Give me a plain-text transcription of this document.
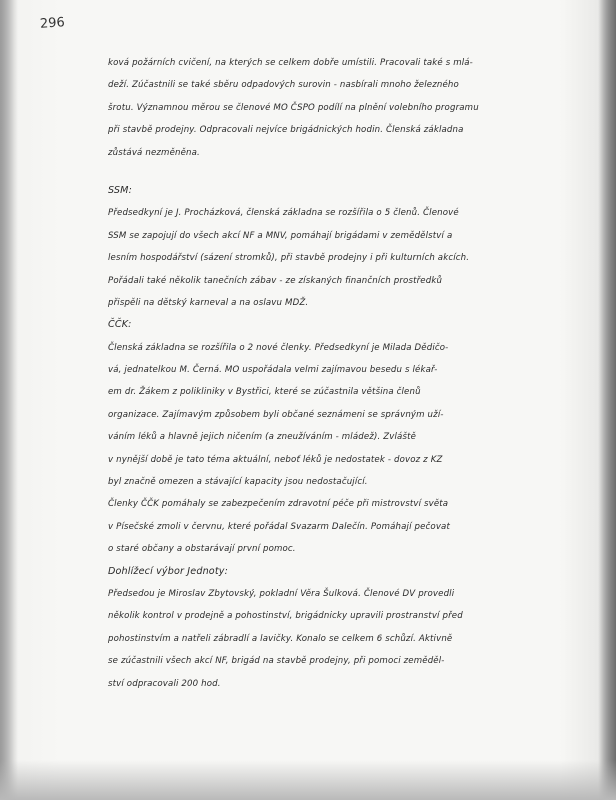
296
ková požárních cvičení, na kterých se celkem dobře umístili. Pracovali také s mlá-
deží. Zúčastnili se také sběru odpadových surovin - nasbírali mnoho železného
šrotu. Významnou měrou se členové MO ČSPO podílí na plnění volebního programu
při stavbě prodejny. Odpracovali nejvíce brigádnických hodin. Členská základna
zůstává nezměněna.
SSM:
Předsedkyní je J. Procházková, členská základna se rozšířila o 5 členů. Členové
SSM se zapojují do všech akcí NF a MNV, pomáhají brigádami v zemědělství a
lesním hospodářství (sázení stromků), při stavbě prodejny i při kulturních akcích.
Pořádali také několik tanečních zábav - ze získaných finančních prostředků
přispěli na dětský karneval a na oslavu MDŽ.
ČČK:
Členská základna se rozšířila o 2 nové členky. Předsedkyní je Milada Dědičo-
vá, jednatelkou M. Černá. MO uspořádala velmi zajímavou besedu s lékař-
em dr. Žákem z polikliniky v Bystřici, které se zúčastnila většina členů
organizace. Zajímavým způsobem byli občané seznámeni se správným uží-
váním léků a hlavně jejich ničením (a zneužíváním - mládež). Zvláště
v nynější době je tato téma aktuální, neboť léků je nedostatek - dovoz z KZ
byl značně omezen a stávající kapacity jsou nedostačující.
Členky ČČK pomáhaly se zabezpečením zdravotní péče při mistrovství světa
v Písečské zmoli v červnu, které pořádal Svazarm Dalečín. Pomáhají pečovat
o staré občany a obstarávají první pomoc.
Dohlížecí výbor Jednoty:
Předsedou je Miroslav Zbytovský, pokladní Věra Šulková. Členové DV provedli
několik kontrol v prodejně a pohostinství, brigádnicky upravili prostranství před
pohostinstvím a natřeli zábradlí a lavičky. Konalo se celkem 6 schůzí. Aktivně
se zúčastnili všech akcí NF, brigád na stavbě prodejny, při pomoci zeměděl-
ství odpracovali 200 hod.
